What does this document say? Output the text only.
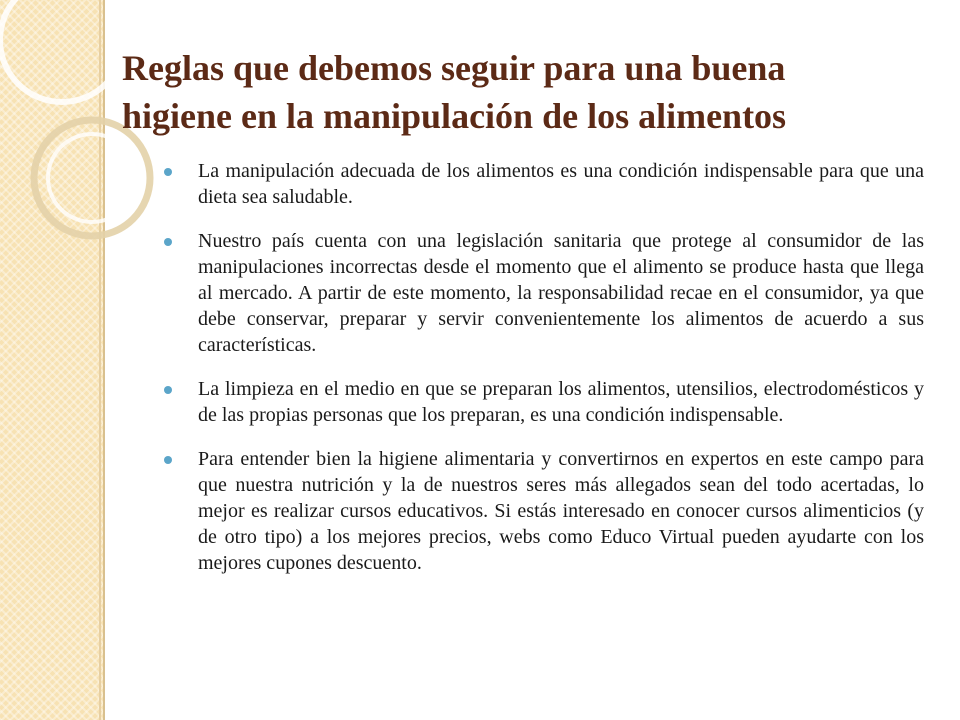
Reglas que debemos seguir para una buena
higiene en la manipulación de los alimentos
La manipulación adecuada de los alimentos es una condición indispensable para que una dieta sea saludable.
Nuestro país cuenta con una legislación sanitaria que protege al consumidor de las manipulaciones incorrectas desde el momento que el alimento se produce hasta que llega al mercado. A partir de este momento, la responsabilidad recae en el consumidor, ya que debe conservar, preparar y servir convenientemente los alimentos de acuerdo a sus características.
La limpieza en el medio en que se preparan los alimentos, utensilios, electrodomésticos y de las propias personas que los preparan, es una condición indispensable.
Para entender bien la higiene alimentaria y convertirnos en expertos en este campo para que nuestra nutrición y la de nuestros seres más allegados sean del todo acertadas, lo mejor es realizar cursos educativos. Si estás interesado en conocer cursos alimenticios (y de otro tipo) a los mejores precios, webs como Educo Virtual pueden ayudarte con los mejores cupones descuento.
